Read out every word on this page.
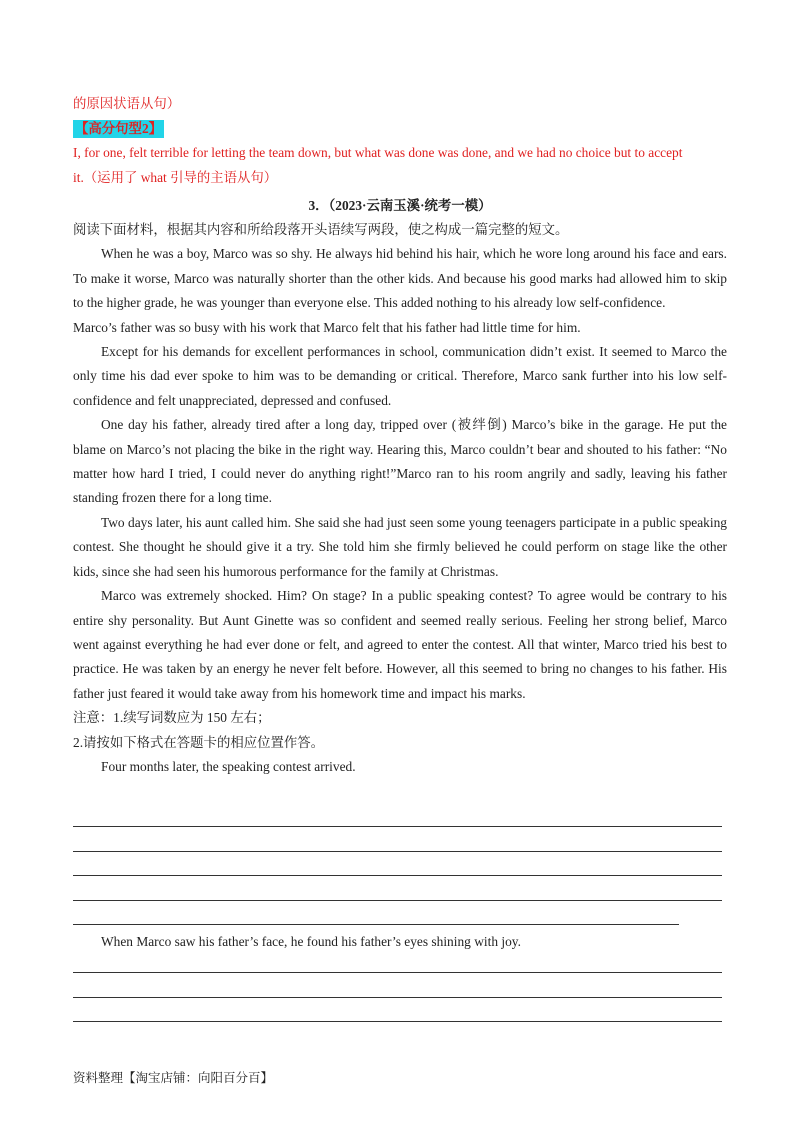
的原因状语从句）

【高分句型2】

I, for one, felt terrible for letting the team down, but what was done was done, and we had no choice but to accept

it.（运用了 what 引导的主语从句）

3．（2023·云南玉溪·统考一模）

阅读下面材料，根据其内容和所给段落开头语续写两段，使之构成一篇完整的短文。

When he was a boy, Marco was so shy. He always hid behind his hair, which he wore long around his face and ears. To make it worse, Marco was naturally shorter than the other kids. And because his good marks had allowed him to skip to the higher grade, he was younger than everyone else. This added nothing to his already low self-confidence.

Marco’s father was so busy with his work that Marco felt that his father had little time for him.

Except for his demands for excellent performances in school, communication didn’t exist. It seemed to Marco the only time his dad ever spoke to him was to be demanding or critical. Therefore, Marco sank further into his low self-confidence and felt unappreciated, depressed and confused.

One day his father, already tired after a long day, tripped over (被绊倒) Marco’s bike in the garage. He put the blame on Marco’s not placing the bike in the right way. Hearing this, Marco couldn’t bear and shouted to his father: “No matter how hard I tried, I could never do anything right!”Marco ran to his room angrily and sadly, leaving his father standing frozen there for a long time.

Two days later, his aunt called him. She said she had just seen some young teenagers participate in a public speaking contest. She thought he should give it a try. She told him she firmly believed he could perform on stage like the other kids, since she had seen his humorous performance for the family at Christmas.

Marco was extremely shocked. Him? On stage? In a public speaking contest? To agree would be contrary to his entire shy personality. But Aunt Ginette was so confident and seemed really serious. Feeling her strong belief, Marco went against everything he had ever done or felt, and agreed to enter the contest. All that winter, Marco tried his best to practice. He was taken by an energy he never felt before. However, all this seemed to bring no changes to his father. His father just feared it would take away from his homework time and impact his marks.

注意：1.续写词数应为 150 左右；

2.请按如下格式在答题卡的相应位置作答。

Four months later, the speaking contest arrived.

When Marco saw his father’s face, he found his father’s eyes shining with joy.

资料整理【淘宝店铺：向阳百分百】
